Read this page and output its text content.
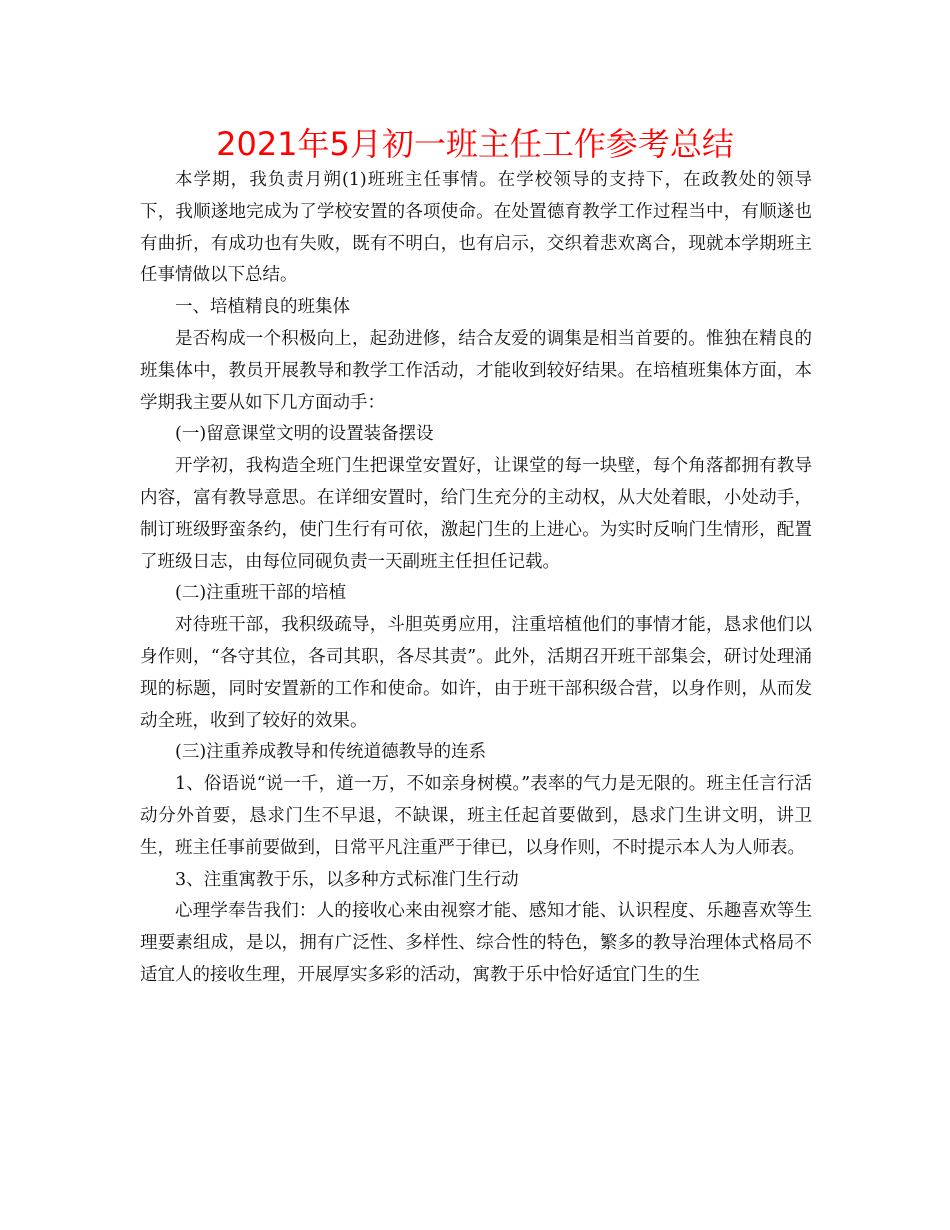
2021年5月初一班主任工作参考总结

本学期，我负责月朔(1)班班主任事情。在学校领导的支持下，在政教处的领导下，我顺遂地完成为了学校安置的各项使命。在处置德育教学工作过程当中，有顺遂也有曲折，有成功也有失败，既有不明白，也有启示，交织着悲欢离合，现就本学期班主任事情做以下总结。

一、培植精良的班集体

是否构成一个积极向上，起劲进修，结合友爱的调集是相当首要的。惟独在精良的班集体中，教员开展教导和教学工作活动，才能收到较好结果。在培植班集体方面，本学期我主要从如下几方面动手：

(一)留意课堂文明的设置装备摆设

开学初，我构造全班门生把课堂安置好，让课堂的每一块壁，每个角落都拥有教导内容，富有教导意思。在详细安置时，给门生充分的主动权，从大处着眼，小处动手，制订班级野蛮条约，使门生行有可依，激起门生的上进心。为实时反响门生情形，配置了班级日志，由每位同砚负责一天副班主任担任记载。

(二)注重班干部的培植

对待班干部，我积级疏导，斗胆英勇应用，注重培植他们的事情才能，恳求他们以身作则，“各守其位，各司其职，各尽其责”。此外，活期召开班干部集会，研讨处理涌现的标题，同时安置新的工作和使命。如许，由于班干部积级合营，以身作则，从而发动全班，收到了较好的效果。

(三)注重养成教导和传统道德教导的连系

1、俗语说“说一千，道一万，不如亲身树模。”表率的气力是无限的。班主任言行活动分外首要，恳求门生不早退，不缺课，班主任起首要做到，恳求门生讲文明，讲卫生，班主任事前要做到，日常平凡注重严于律已，以身作则，不时提示本人为人师表。

3、注重寓教于乐，以多种方式标准门生行动

心理学奉告我们：人的接收心来由视察才能、感知才能、认识程度、乐趣喜欢等生理要素组成，是以，拥有广泛性、多样性、综合性的特色，繁多的教导治理体式格局不适宜人的接收生理，开展厚实多彩的活动，寓教于乐中恰好适宜门生的生
